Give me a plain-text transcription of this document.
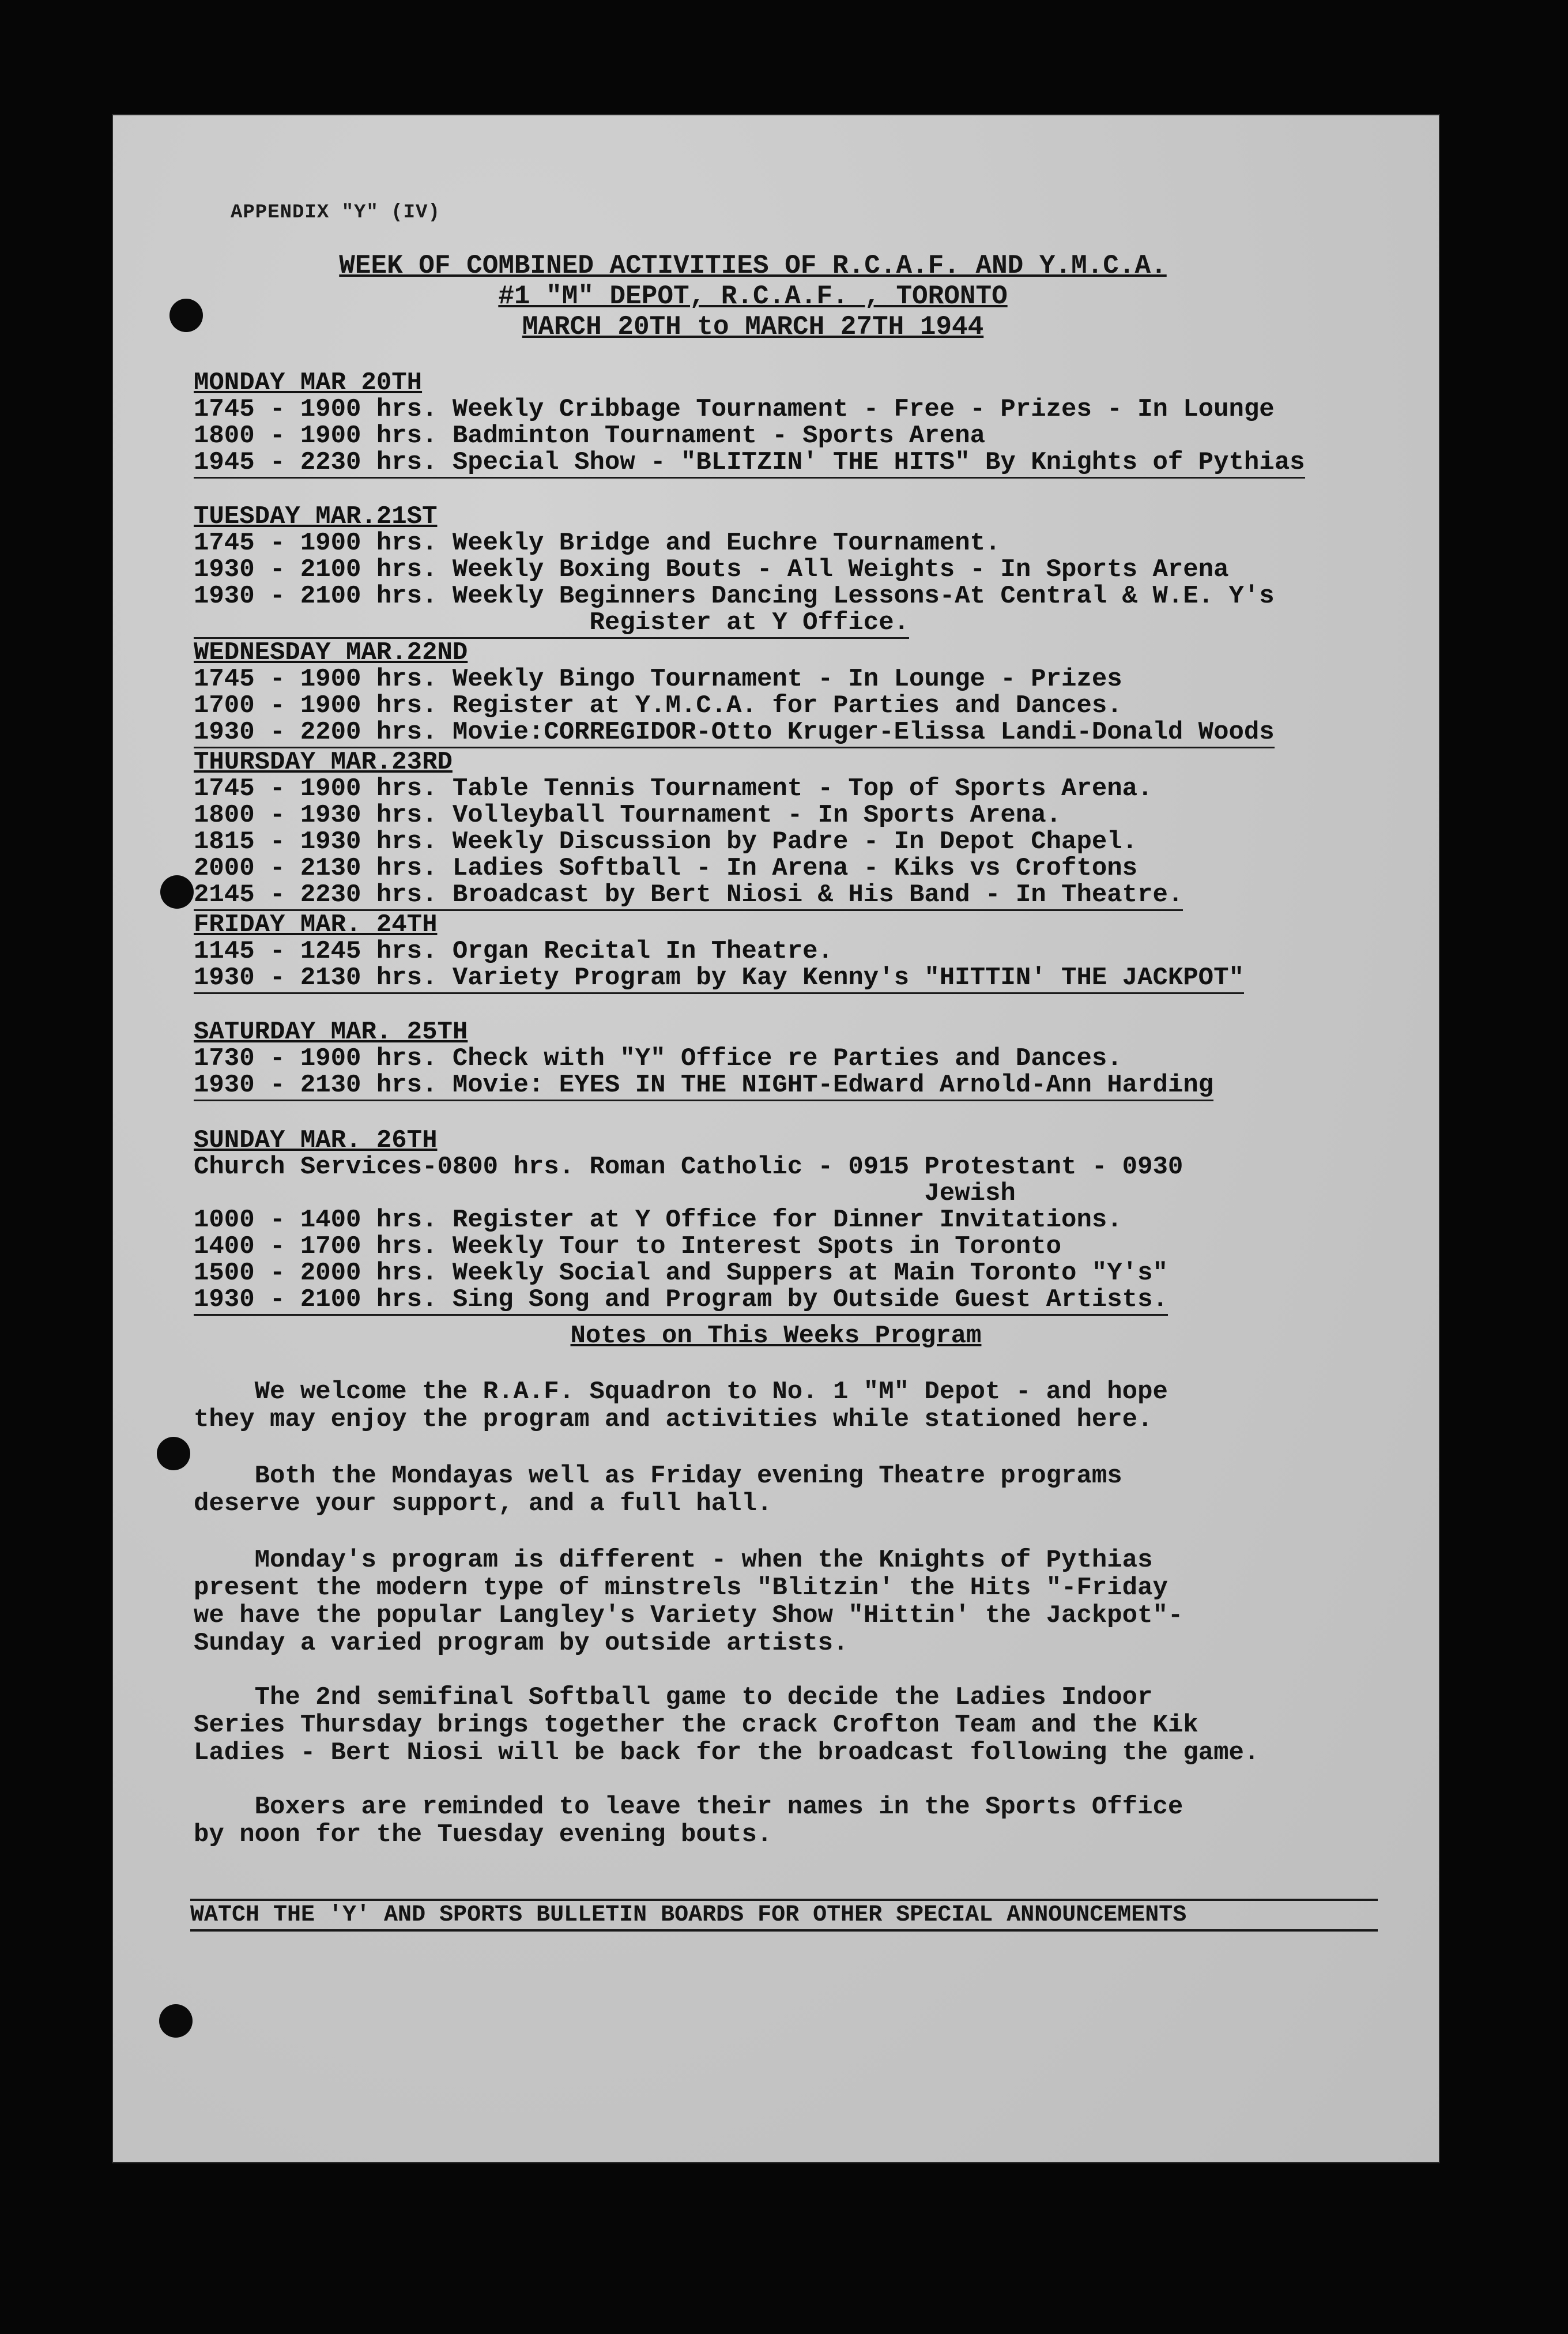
APPENDIX "Y" (IV)

WEEK OF COMBINED ACTIVITIES OF R.C.A.F. AND Y.M.C.A.
#1 "M" DEPOT, R.C.A.F. , TORONTO
MARCH 20TH to MARCH 27TH 1944

MONDAY MAR 20TH

1745 - 1900 hrs. Weekly Cribbage Tournament - Free - Prizes - In Lounge

1800 - 1900 hrs. Badminton Tournament - Sports Arena

1945 - 2230 hrs. Special Show - "BLITZIN' THE HITS" By Knights of Pythias

TUESDAY MAR.21ST

1745 - 1900 hrs. Weekly Bridge and Euchre Tournament.

1930 - 2100 hrs. Weekly Boxing Bouts - All Weights - In Sports Arena

1930 - 2100 hrs. Weekly Beginners Dancing Lessons-At Central & W.E. Y's

Register at Y Office.

WEDNESDAY MAR.22ND

1745 - 1900 hrs. Weekly Bingo Tournament - In Lounge - Prizes

1700 - 1900 hrs. Register at Y.M.C.A. for Parties and Dances.

1930 - 2200 hrs. Movie:CORREGIDOR-Otto Kruger-Elissa Landi-Donald Woods

THURSDAY MAR.23RD

1745 - 1900 hrs. Table Tennis Tournament - Top of Sports Arena.

1800 - 1930 hrs. Volleyball Tournament - In Sports Arena.

1815 - 1930 hrs. Weekly Discussion by Padre - In Depot Chapel.

2000 - 2130 hrs. Ladies Softball - In Arena - Kiks vs Croftons

2145 - 2230 hrs. Broadcast by Bert Niosi & His Band - In Theatre.

FRIDAY MAR. 24TH

1145 - 1245 hrs. Organ Recital In Theatre.

1930 - 2130 hrs. Variety Program by Kay Kenny's "HITTIN' THE JACKPOT"

SATURDAY MAR. 25TH

1730 - 1900 hrs. Check with "Y" Office re Parties and Dances.

1930 - 2130 hrs. Movie: EYES IN THE NIGHT-Edward Arnold-Ann Harding

SUNDAY MAR. 26TH

Church Services-0800 hrs. Roman Catholic - 0915 Protestant - 0930

Jewish

1000 - 1400 hrs. Register at Y Office for Dinner Invitations.

1400 - 1700 hrs. Weekly Tour to Interest Spots in Toronto

1500 - 2000 hrs. Weekly Social and Suppers at Main Toronto "Y's"

1930 - 2100 hrs. Sing Song and Program by Outside Guest Artists.

Notes on This Weeks Program

We welcome the R.A.F. Squadron to No. 1 "M" Depot - and hope
they may enjoy the program and activities while stationed here.

Both the Mondayas well as Friday evening Theatre programs
deserve your support, and a full hall.

Monday's program is different - when the Knights of Pythias
present the modern type of minstrels "Blitzin' the Hits "-Friday
we have the popular Langley's Variety Show "Hittin' the Jackpot"-
Sunday a varied program by outside artists.

The 2nd semifinal Softball game to decide the Ladies Indoor
Series Thursday brings together the crack Crofton Team and the Kik
Ladies - Bert Niosi will be back for the broadcast following the game.

Boxers are reminded to leave their names in the Sports Office
by noon for the Tuesday evening bouts.

WATCH THE 'Y' AND SPORTS BULLETIN BOARDS FOR OTHER SPECIAL ANNOUNCEMENTS
